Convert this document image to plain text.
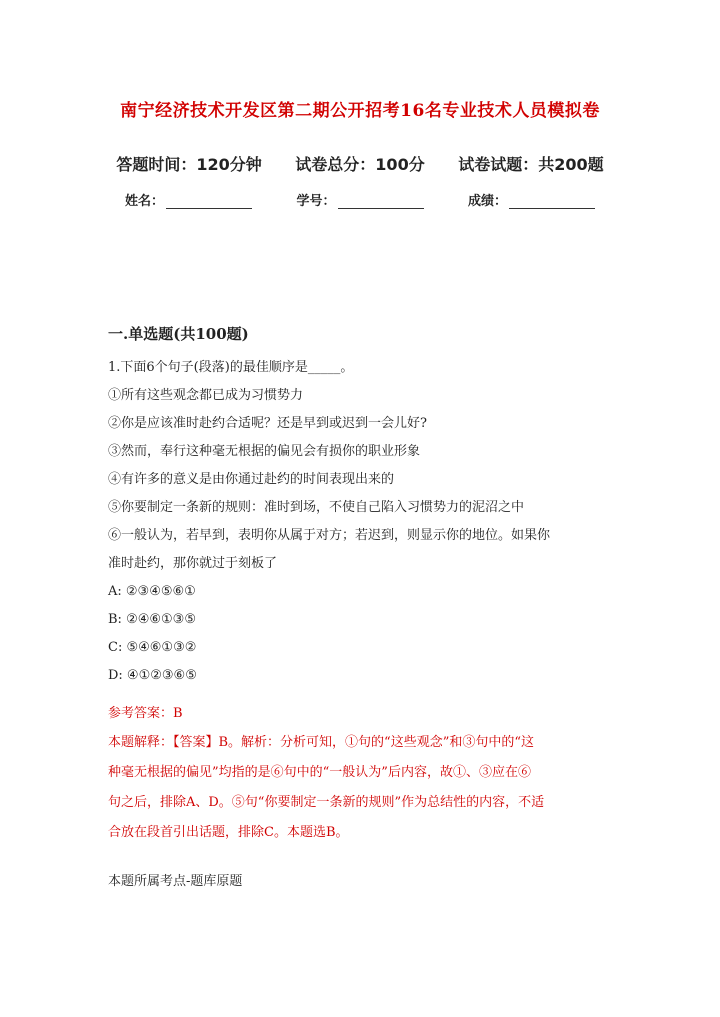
南宁经济技术开发区第二期公开招考16名专业技术人员模拟卷
答题时间：120分钟 试卷总分：100分 试卷试题：共200题
姓名：	学号：	成绩：
一.单选题(共100题)
1.下面6个句子(段落)的最佳顺序是_____。
①所有这些观念都已成为习惯势力
②你是应该准时赴约合适呢？还是早到或迟到一会儿好?
③然而，奉行这种毫无根据的偏见会有损你的职业形象
④有许多的意义是由你通过赴约的时间表现出来的
⑤你要制定一条新的规则：准时到场，不使自己陷入习惯势力的泥沼之中
⑥一般认为，若早到，表明你从属于对方；若迟到，则显示你的地位。如果你
准时赴约，那你就过于刻板了
A: ②③④⑤⑥①
B: ②④⑥①③⑤
C: ⑤④⑥①③②
D: ④①②③⑥⑤
参考答案：B
本题解释：【答案】B。解析：分析可知，①句的“这些观念”和③句中的“这
种毫无根据的偏见”均指的是⑥句中的“一般认为”后内容，故①、③应在⑥
句之后，排除A、D。⑤句“你要制定一条新的规则”作为总结性的内容，不适
合放在段首引出话题，排除C。本题选B。
本题所属考点-题库原题
